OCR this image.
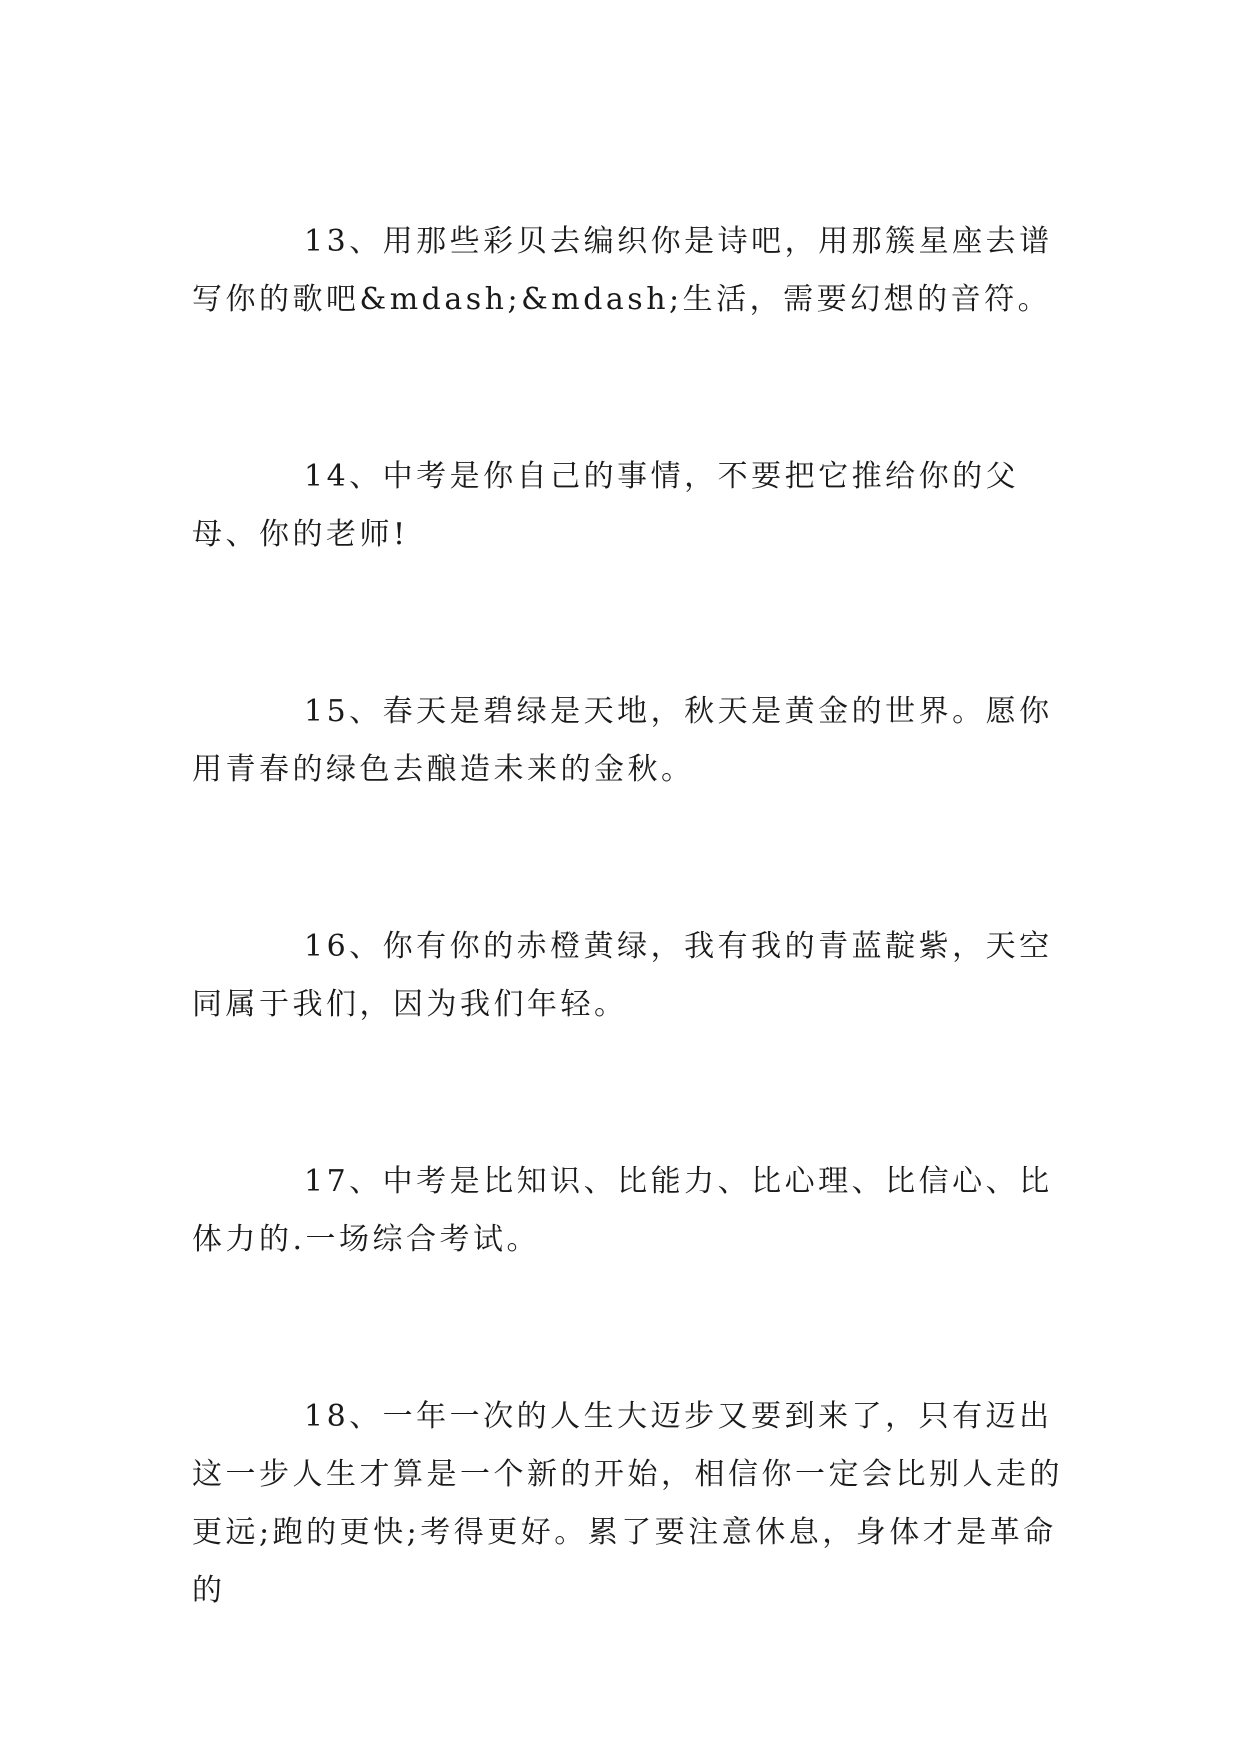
13、用那些彩贝去编织你是诗吧，用那簇星座去谱写你的歌吧&mdash;&mdash;生活，需要幻想的音符。

14、中考是你自己的事情，不要把它推给你的父母、你的老师!

15、春天是碧绿是天地，秋天是黄金的世界。愿你用青春的绿色去酿造未来的金秋。

16、你有你的赤橙黄绿，我有我的青蓝靛紫，天空同属于我们，因为我们年轻。

17、中考是比知识、比能力、比心理、比信心、比体力的.一场综合考试。

18、一年一次的人生大迈步又要到来了，只有迈出这一步人生才算是一个新的开始，相信你一定会比别人走的更远;跑的更快;考得更好。累了要注意休息，身体才是革命的
